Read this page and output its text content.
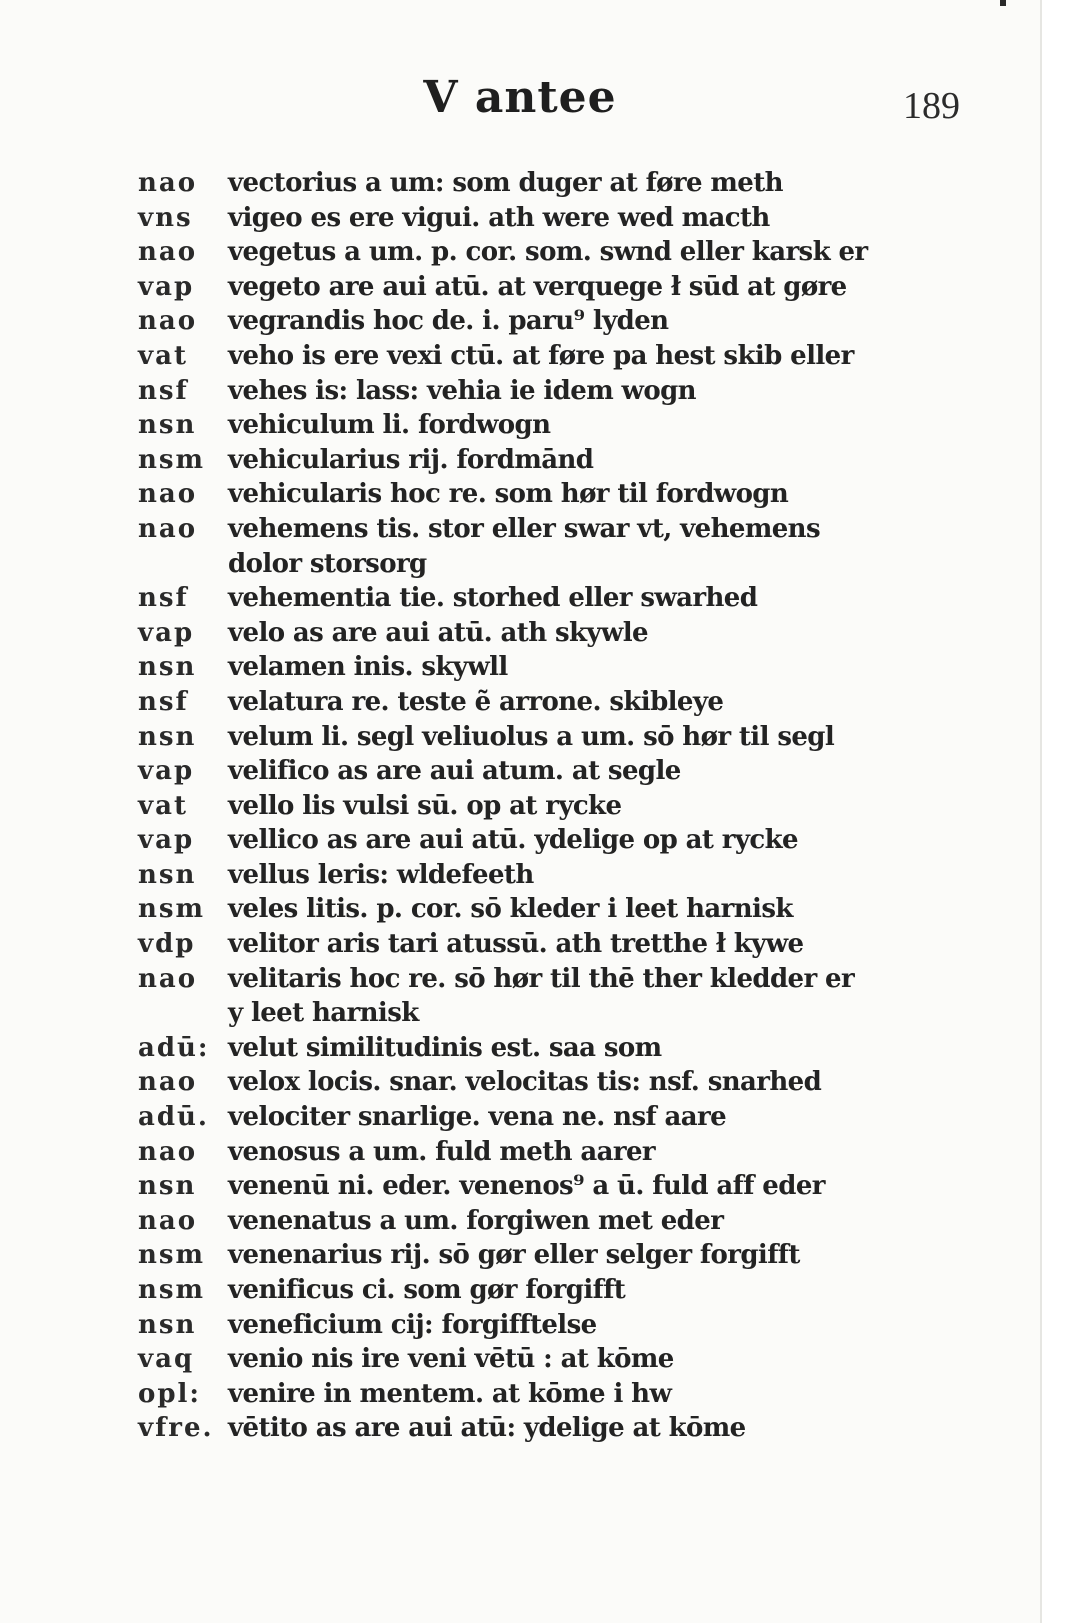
V antee	189
nao	vectorius a um: som duger at føre meth
vns	vigeo es ere vigui. ath were wed macth
nao	vegetus a um. p. cor. som. swnd eller karsk er
vap	vegeto are aui atū. at verquege ł sūd at gøre
nao	vegrandis hoc de. i. paru⁹ lyden
vat	veho is ere vexi ctū. at føre pa hest skib eller
nsf	vehes is: lass: vehia ie idem wogn
nsn	vehiculum li. fordwogn
nsm vehicularius rij. fordmānd
nao	vehicularis hoc re. som hør til fordwogn
nao	vehemens tis. stor eller swar vt, vehemens
dolor storsorg
nsf	vehementia tie. storhed eller swarhed
vap	velo as are aui atū. ath skywle
nsn	velamen inis. skywll
nsf	velatura re. teste ẽ arrone. skibleye
nsn	velum li. segl veliuolus a um. sō hør til segl
vap	velifico as are aui atum. at segle
vat	vello lis vulsi sū. op at rycke
vap	vellico as are aui atū. ydelige op at rycke
nsn	vellus leris: wldefeeth
nsm veles litis. p. cor. sō kleder i leet harnisk
vdp	velitor aris tari atussū. ath tretthe ł kywe
nao	velitaris hoc re. sō hør til thē ther kledder er
y leet harnisk
adū: velut similitudinis est. saa som
nao	velox locis. snar. velocitas tis: nsf. snarhed
adū. velociter snarlige. vena ne. nsf aare
nao	venosus a um. fuld meth aarer
nsn	venenū ni. eder. venenos⁹ a ū. fuld aff eder
nao	venenatus a um. forgiwen met eder
nsm venenarius rij. sō gør eller selger forgifft
nsm venificus ci. som gør forgifft
nsn	veneficium cij: forgifftelse
vaq	venio nis ire veni vētū : at kōme
opl:	venire in mentem. at kōme i hw
vfre. vētito as are aui atū: ydelige at kōme
